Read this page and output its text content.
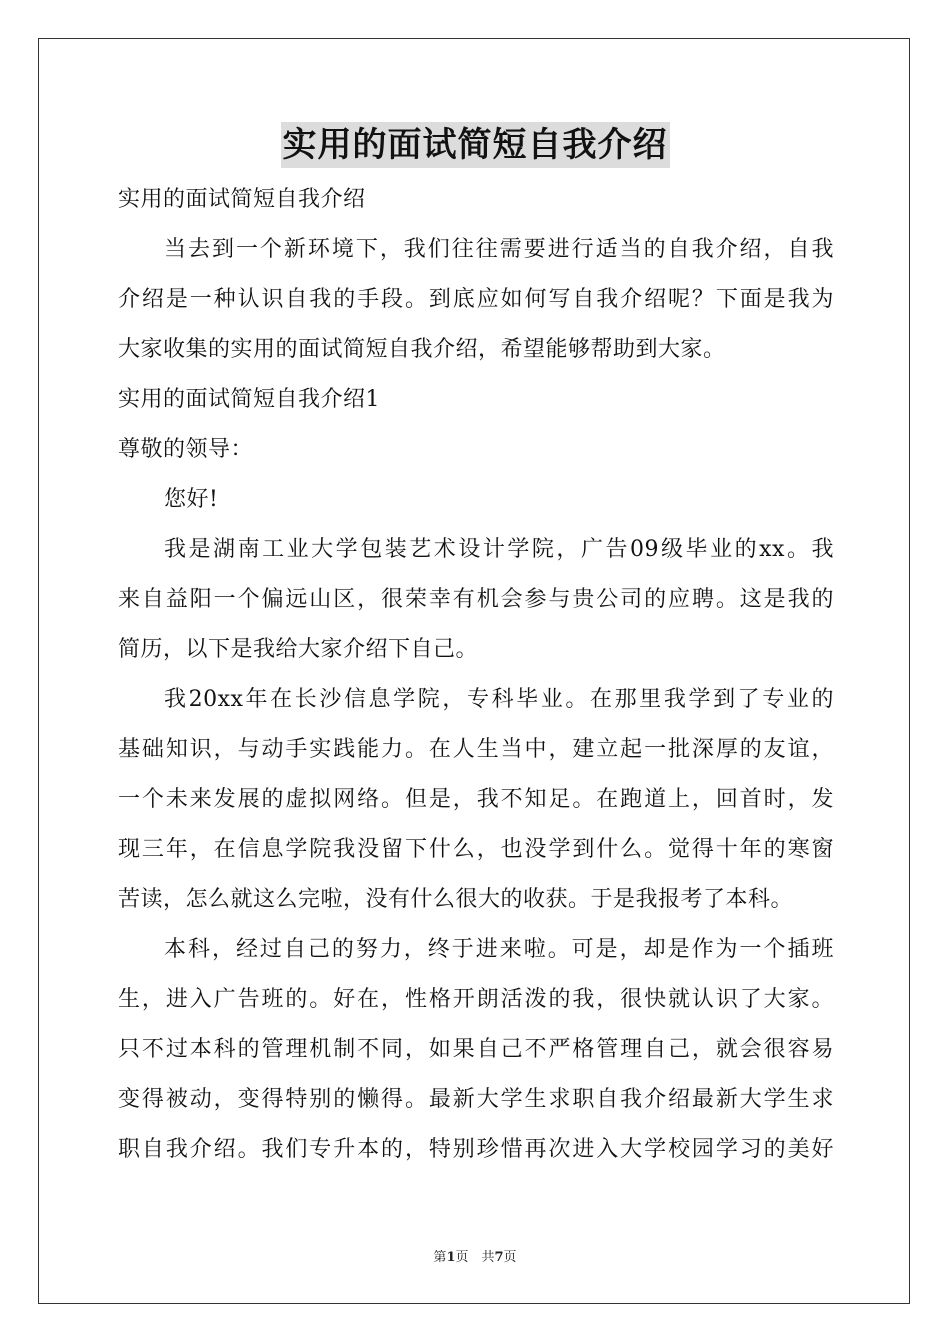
实用的面试简短自我介绍
实用的面试简短自我介绍
当去到一个新环境下，我们往往需要进行适当的自我介绍，自我
介绍是一种认识自我的手段。到底应如何写自我介绍呢？下面是我为
大家收集的实用的面试简短自我介绍，希望能够帮助到大家。
实用的面试简短自我介绍1
尊敬的领导：
您好!
我是湖南工业大学包装艺术设计学院，广告09级毕业的xx。我
来自益阳一个偏远山区，很荣幸有机会参与贵公司的应聘。这是我的
简历，以下是我给大家介绍下自己。
我20xx年在长沙信息学院，专科毕业。在那里我学到了专业的
基础知识，与动手实践能力。在人生当中，建立起一批深厚的友谊，
一个未来发展的虚拟网络。但是，我不知足。在跑道上，回首时，发
现三年，在信息学院我没留下什么，也没学到什么。觉得十年的寒窗
苦读，怎么就这么完啦，没有什么很大的收获。于是我报考了本科。
本科，经过自己的努力，终于进来啦。可是，却是作为一个插班
生，进入广告班的。好在，性格开朗活泼的我，很快就认识了大家。
只不过本科的管理机制不同，如果自己不严格管理自己，就会很容易
变得被动，变得特别的懒得。最新大学生求职自我介绍最新大学生求
职自我介绍。我们专升本的，特别珍惜再次进入大学校园学习的美好
第1页　共7页
